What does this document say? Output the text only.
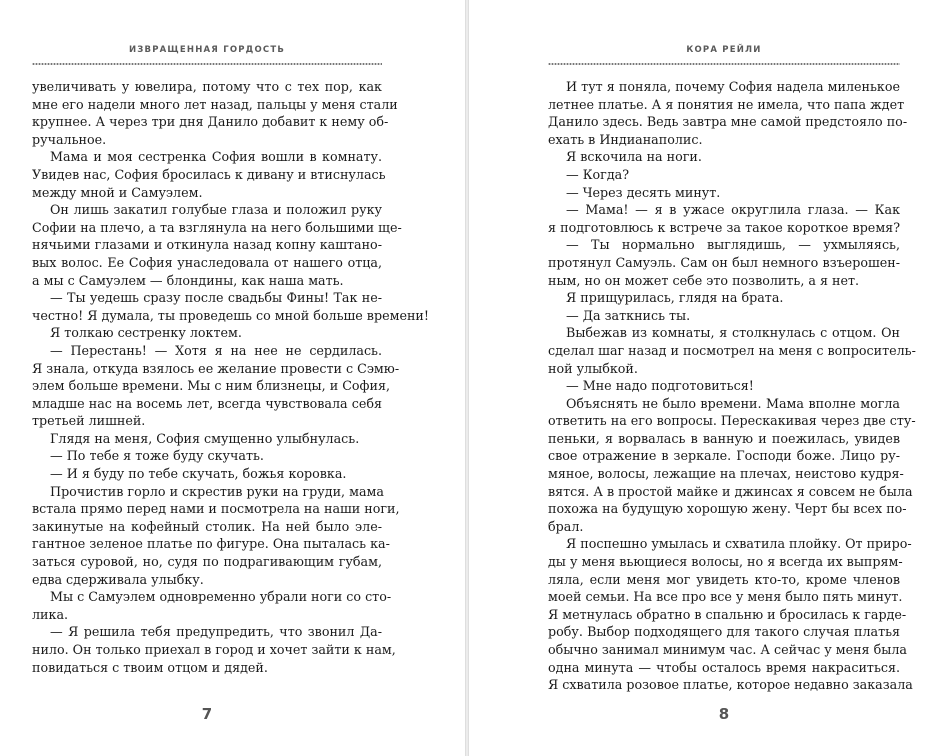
ИЗВРАЩЕННАЯ ГОРДОСТЬ
увеличивать у ювелира, потому что с тех пор, как
мне его надели много лет назад, пальцы у меня стали
крупнее. А через три дня Данило добавит к нему об-
ручальное.
Мама и моя сестренка София вошли в комнату.
Увидев нас, София бросилась к дивану и втиснулась
между мной и Самуэлем.
Он лишь закатил голубые глаза и положил руку
Софии на плечо, а та взглянула на него большими ще-
нячьими глазами и откинула назад копну каштано-
вых волос. Ее София унаследовала от нашего отца,
а мы с Самуэлем — блондины, как наша мать.
— Ты уедешь сразу после свадьбы Фины! Так не-
честно! Я думала, ты проведешь со мной больше времени!
Я толкаю сестренку локтем.
— Перестань! — Хотя я на нее не сердилась.
Я знала, откуда взялось ее желание провести с Сэмю-
элем больше времени. Мы с ним близнецы, и София,
младше нас на восемь лет, всегда чувствовала себя
третьей лишней.
Глядя на меня, София смущенно улыбнулась.
— По тебе я тоже буду скучать.
— И я буду по тебе скучать, божья коровка.
Прочистив горло и скрестив руки на груди, мама
встала прямо перед нами и посмотрела на наши ноги,
закинутые на кофейный столик. На ней было эле-
гантное зеленое платье по фигуре. Она пыталась ка-
заться суровой, но, судя по подрагивающим губам,
едва сдерживала улыбку.
Мы с Самуэлем одновременно убрали ноги со сто-
лика.
— Я решила тебя предупредить, что звонил Да-
нило. Он только приехал в город и хочет зайти к нам,
повидаться с твоим отцом и дядей.
7
КОРА РЕЙЛИ
И тут я поняла, почему София надела миленькое
летнее платье. А я понятия не имела, что папа ждет
Данило здесь. Ведь завтра мне самой предстояло по-
ехать в Индианаполис.
Я вскочила на ноги.
— Когда?
— Через десять минут.
— Мама! — я в ужасе округлила глаза. — Как
я подготовлюсь к встрече за такое короткое время?
— Ты нормально выглядишь, — ухмыляясь,
протянул Самуэль. Сам он был немного взъерошен-
ным, но он может себе это позволить, а я нет.
Я прищурилась, глядя на брата.
— Да заткнись ты.
Выбежав из комнаты, я столкнулась с отцом. Он
сделал шаг назад и посмотрел на меня с вопроситель-
ной улыбкой.
— Мне надо подготовиться!
Объяснять не было времени. Мама вполне могла
ответить на его вопросы. Перескакивая через две сту-
пеньки, я ворвалась в ванную и поежилась, увидев
свое отражение в зеркале. Господи боже. Лицо ру-
мяное, волосы, лежащие на плечах, неистово кудря-
вятся. А в простой майке и джинсах я совсем не была
похожа на будущую хорошую жену. Черт бы всех по-
брал.
Я поспешно умылась и схватила плойку. От приро-
ды у меня вьющиеся волосы, но я всегда их выпрям-
ляла, если меня мог увидеть кто-то, кроме членов
моей семьи. На все про все у меня было пять минут.
Я метнулась обратно в спальню и бросилась к гарде-
робу. Выбор подходящего для такого случая платья
обычно занимал минимум час. А сейчас у меня была
одна минута — чтобы осталось время накраситься.
Я схватила розовое платье, которое недавно заказала
8
